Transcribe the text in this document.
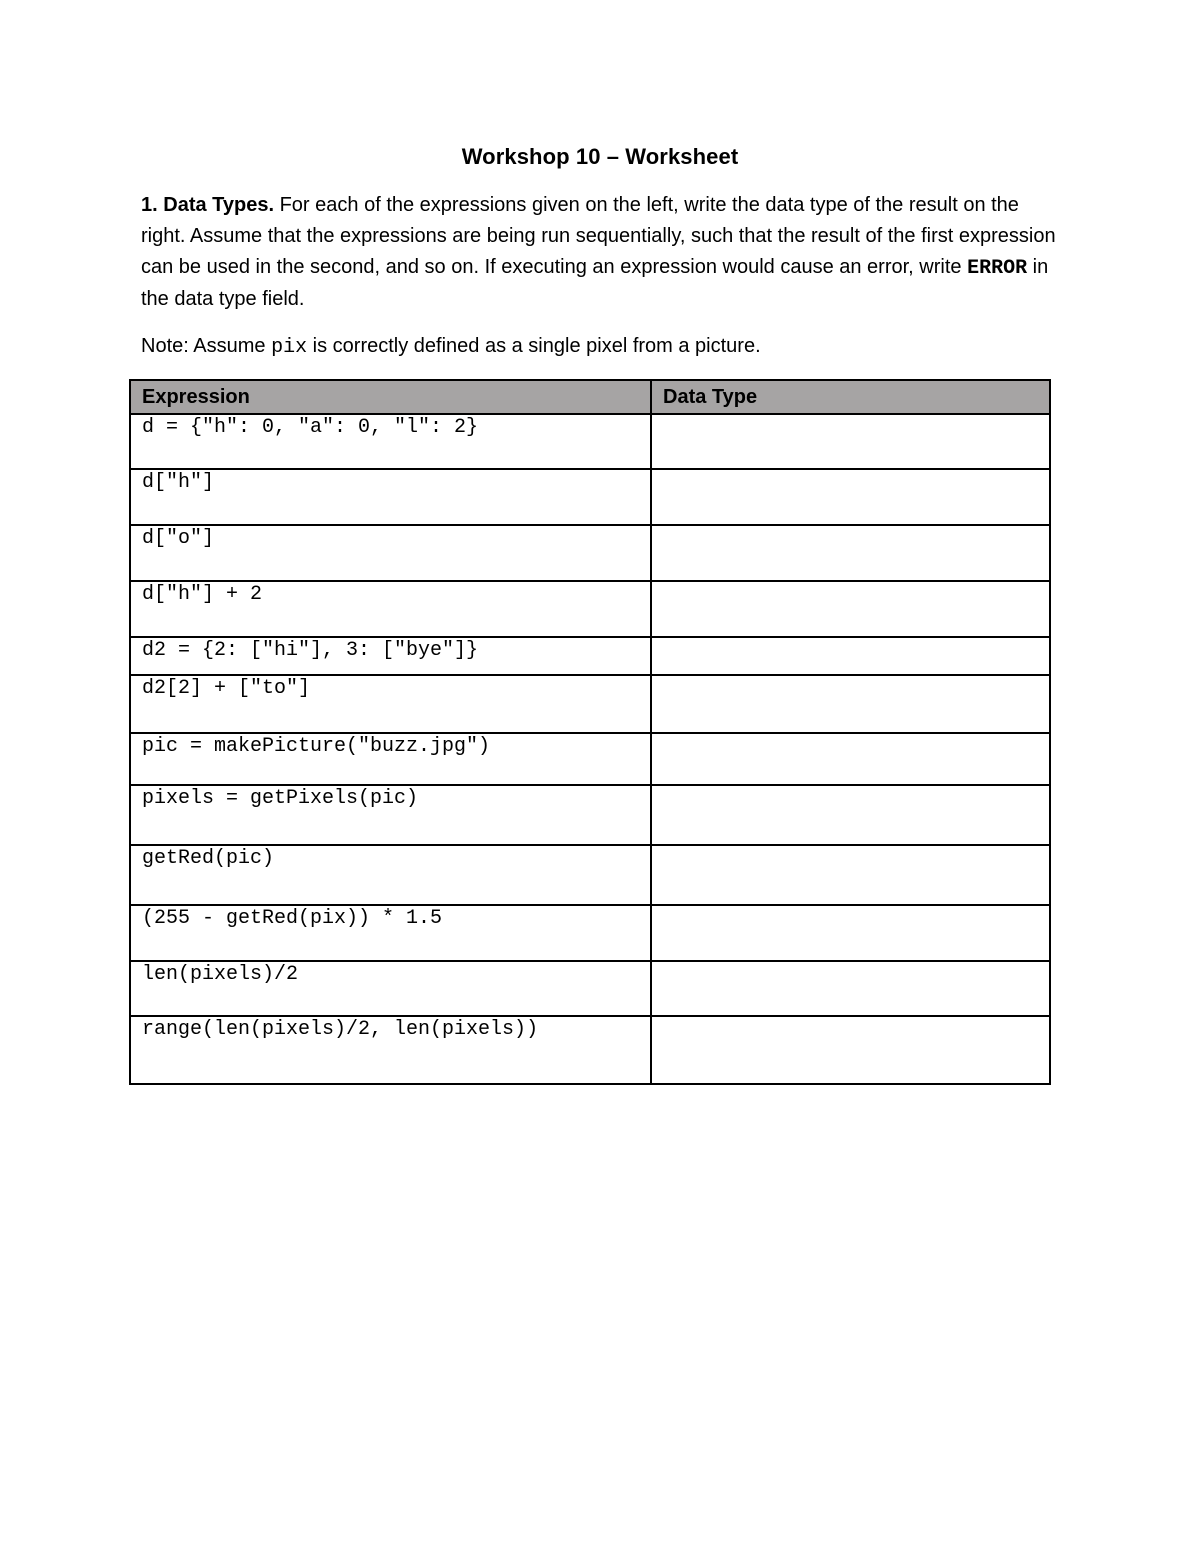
Workshop 10 – Worksheet
1. Data Types. For each of the expressions given on the left, write the data type of the result on the right. Assume that the expressions are being run sequentially, such that the result of the first expression can be used in the second, and so on. If executing an expression would cause an error, write ERROR in the data type field.
Note: Assume pix is correctly defined as a single pixel from a picture.
Expression	Data Type
d = {"h": 0, "a": 0, "l": 2}	
d["h"]	
d["o"]	
d["h"] + 2	
d2 = {2: ["hi"], 3: ["bye"]}	
d2[2] + ["to"]	
pic = makePicture("buzz.jpg")	
pixels = getPixels(pic)	
getRed(pic)	
(255 - getRed(pix)) * 1.5	
len(pixels)/2	
range(len(pixels)/2, len(pixels))	
